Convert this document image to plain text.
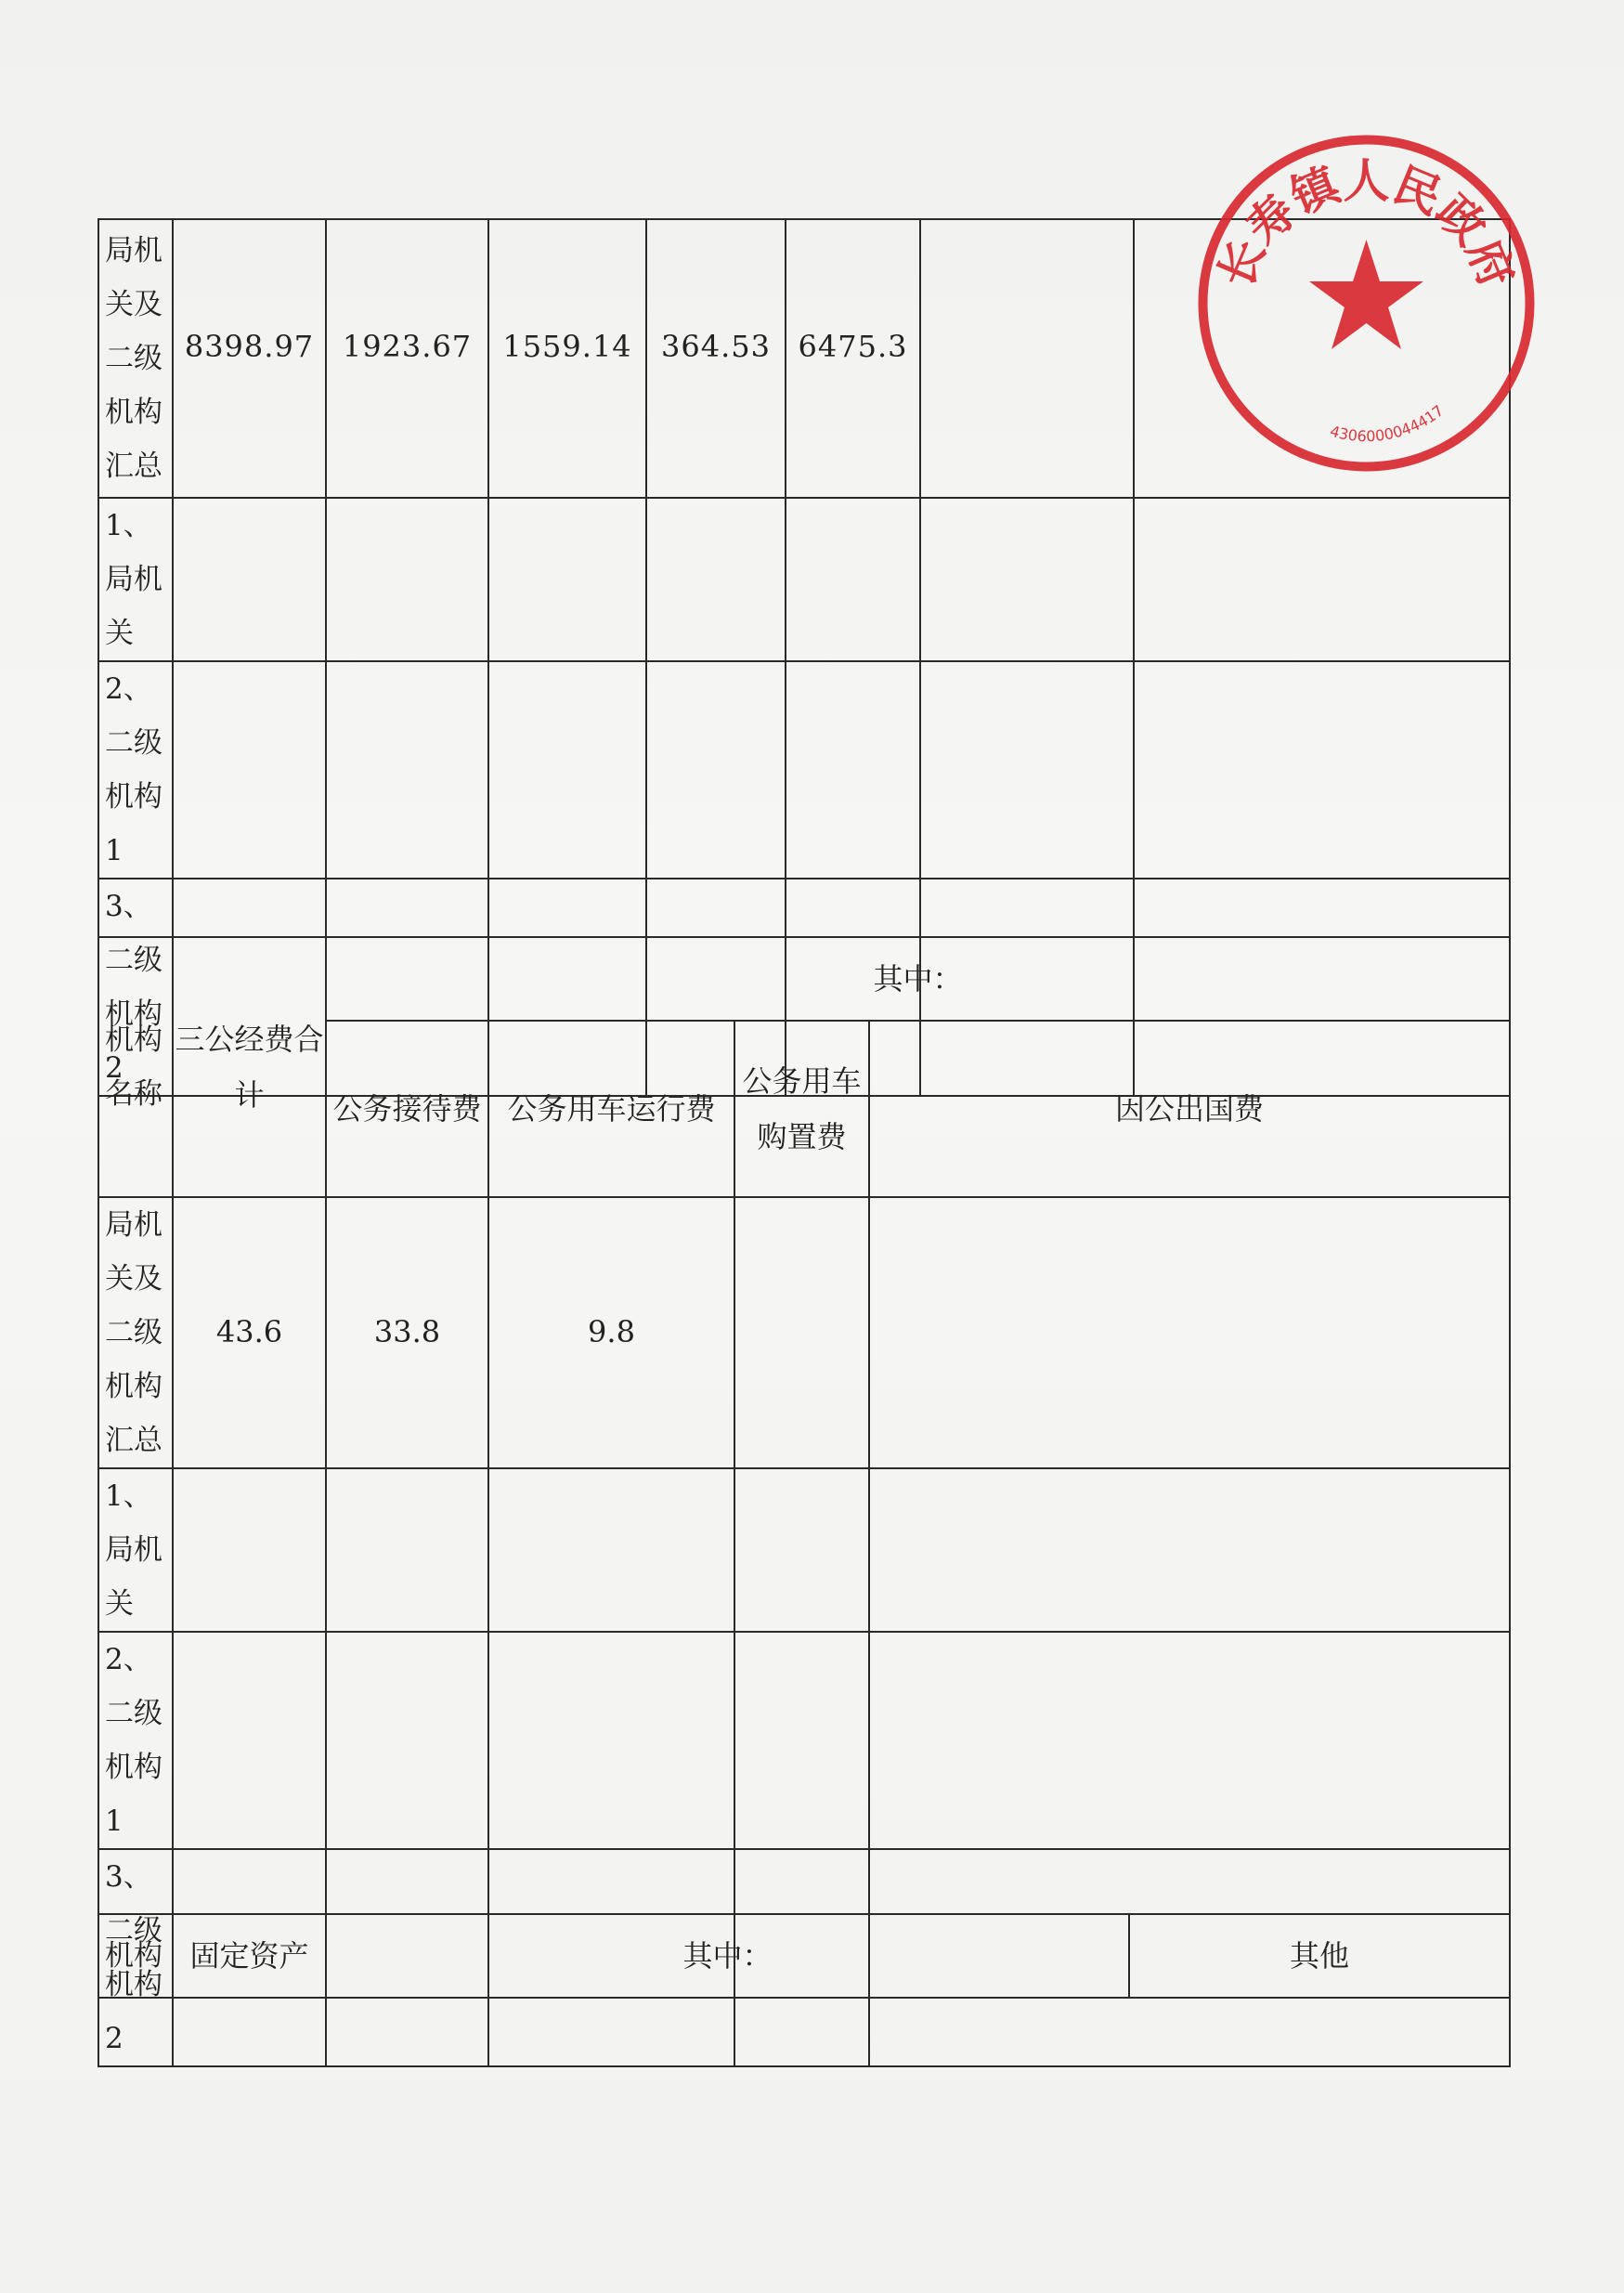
局机关及二级机构汇总	8398.97	1923.67	1559.14	364.53	6475.3		

1、局机关							
2、二级机构1							
3、二级机构2							
机构名称	三公经费合计	其中：			
		公务接待费	公务用车运行费	公务用车购置费	因公出国费
局机关及二级机构汇总	43.6	33.8	9.8		
1、局机关					
2、二级机构1					
3、二级机构2					
机构	固定资产	其中：	其他
长寿镇人民政府
4306000044417
